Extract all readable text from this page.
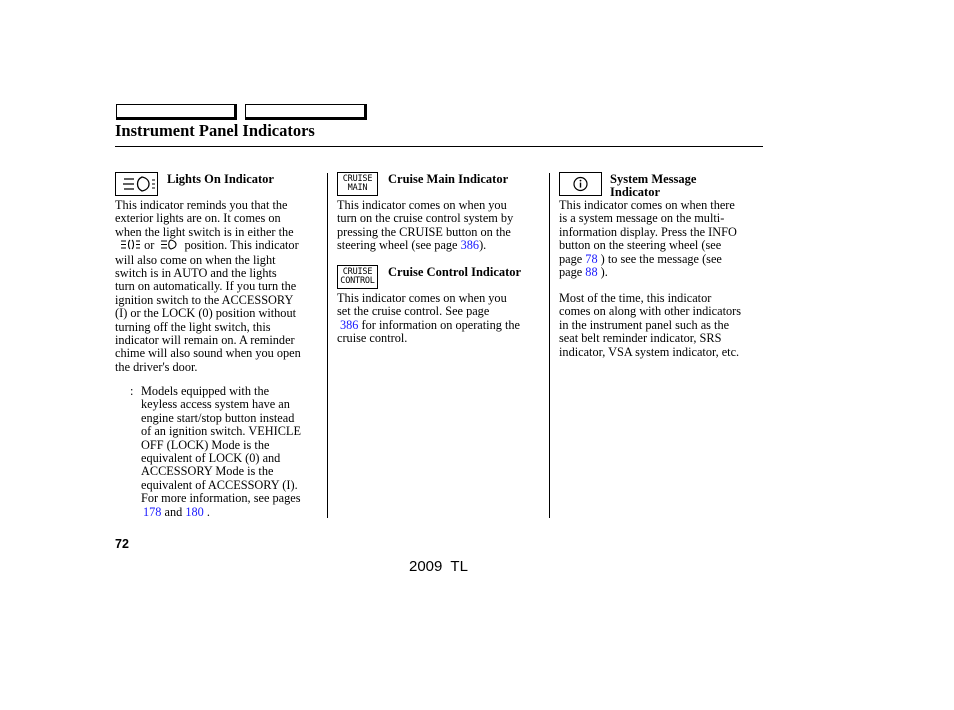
Instrument Panel Indicators
Lights On Indicator

This indicator reminds you that the

exterior lights are on. It comes on

when the light switch is in either the

or position. This indicator

will also come on when the light

switch is in AUTO and the lights

turn on automatically. If you turn the

ignition switch to the ACCESSORY

(I) or the LOCK (0) position without

turning off the light switch, this

indicator will remain on. A reminder

chime will also sound when you open

the driver's door.

: Models equipped with the

keyless access system have an

engine start/stop button instead

of an ignition switch. VEHICLE

OFF (LOCK) Mode is the

equivalent of LOCK (0) and

ACCESSORY Mode is the

equivalent of ACCESSORY (I).

For more information, see pages

178 and 180 .

CRUISE
MAIN
Cruise Main Indicator

This indicator comes on when you

turn on the cruise control system by

pressing the CRUISE button on the

steering wheel (see page 386).

CRUISE
CONTROL
Cruise Control Indicator

This indicator comes on when you

set the cruise control. See page

386 for information on operating the

cruise control.

System Message
Indicator

This indicator comes on when there

is a system message on the multi-

information display. Press the INFO

button on the steering wheel (see

page 78 ) to see the message (see

page 88 ).

Most of the time, this indicator

comes on along with other indicators

in the instrument panel such as the

seat belt reminder indicator, SRS

indicator, VSA system indicator, etc.

72
2009  TL
